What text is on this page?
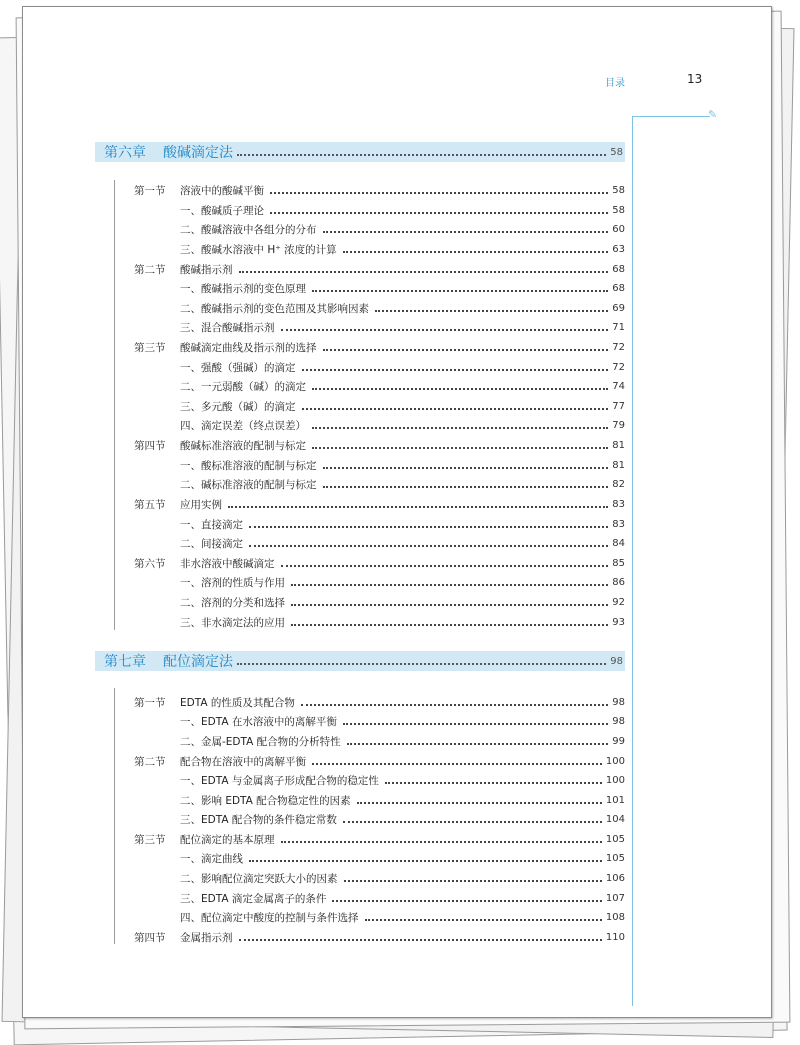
目录	13
✎
第六章 酸碱滴定法	58
第一节 溶液中的酸碱平衡	58
一、酸碱质子理论	58
二、酸碱溶液中各组分的分布	60
三、酸碱水溶液中 H⁺ 浓度的计算	63
第二节 酸碱指示剂	68
一、酸碱指示剂的变色原理	68
二、酸碱指示剂的变色范围及其影响因素	69
三、混合酸碱指示剂	71
第三节 酸碱滴定曲线及指示剂的选择	72
一、强酸（强碱）的滴定	72
二、一元弱酸（碱）的滴定	74
三、多元酸（碱）的滴定	77
四、滴定误差（终点误差）	79
第四节 酸碱标准溶液的配制与标定	81
一、酸标准溶液的配制与标定	81
二、碱标准溶液的配制与标定	82
第五节 应用实例	83
一、直接滴定	83
二、间接滴定	84
第六节 非水溶液中酸碱滴定	85
一、溶剂的性质与作用	86
二、溶剂的分类和选择	92
三、非水滴定法的应用	93
第七章 配位滴定法	98
第一节 EDTA 的性质及其配合物	98
一、EDTA 在水溶液中的离解平衡	98
二、金属-EDTA 配合物的分析特性	99
第二节 配合物在溶液中的离解平衡	100
一、EDTA 与金属离子形成配合物的稳定性	100
二、影响 EDTA 配合物稳定性的因素	101
三、EDTA 配合物的条件稳定常数	104
第三节 配位滴定的基本原理	105
一、滴定曲线	105
二、影响配位滴定突跃大小的因素	106
三、EDTA 滴定金属离子的条件	107
四、配位滴定中酸度的控制与条件选择	108
第四节 金属指示剂	110
